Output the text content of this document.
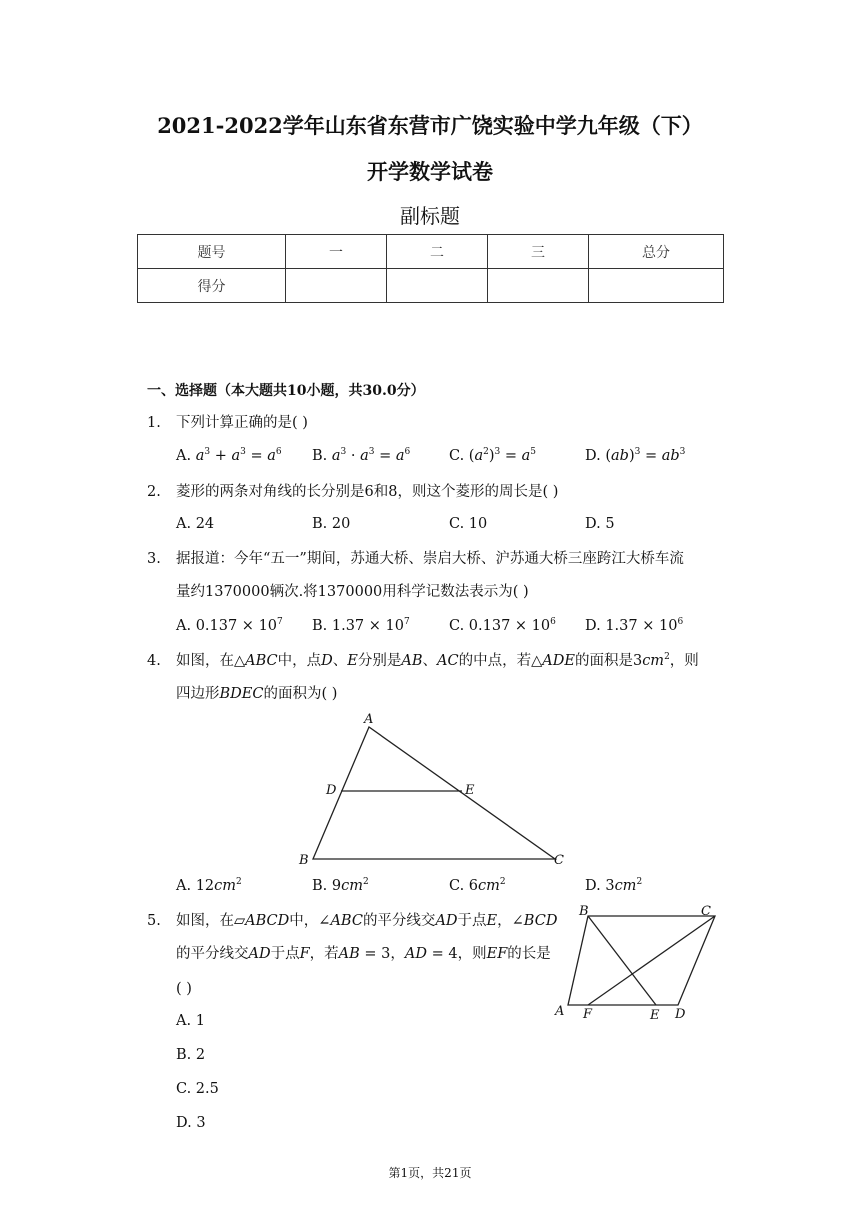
2021-2022学年山东省东营市广饶实验中学九年级（下）
开学数学试卷
副标题
题号	一	二	三	总分
得分				
一、选择题（本大题共10小题，共30.0分）
1. 下列计算正确的是( )
A. $a^3 + a^3 = a^6$ B. $a^3 \cdot a^3 = a^6$	C. $(a^2)^3 = a^5$	D. $(ab)^3 = ab^3$
2. 菱形的两条对角线的长分别是6和8，则这个菱形的周长是( )
A. 24	B. 20	C. 10	D. 5
3. 据报道：今年“五一”期间，苏通大桥、崇启大桥、沪苏通大桥三座跨江大桥车流
量约1370000辆次.将1370000用科学记数法表示为( )
A. $0.137 \times 10^7$ B. $1.37 \times 10^7$	C. $0.137 \times 10^6$ D. $1.37 \times 10^6$
4. 如图，在△ABC中，点D、E分别是AB、AC的中点，若△ADE的面积是$3cm^2$，则
四边形BDEC的面积为( )
A
D	E
B	C
A. $12cm^2$	B. $9cm^2$	C. $6cm^2$	D. $3cm^2$
5. 如图，在▱ABCD中，∠ABC的平分线交AD于点E，∠BCD
的平分线交AD于点F，若AB = 3，AD = 4，则EF的长是
( )
B	C
A F	E D
A. 1
B. 2
C. 2.5
D. 3
第1页，共21页
